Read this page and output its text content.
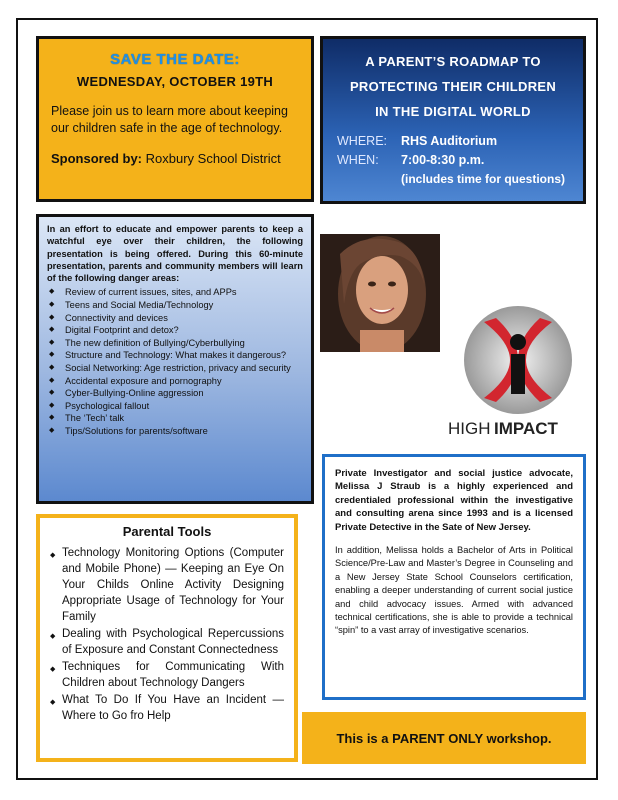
SAVE THE DATE:
WEDNESDAY, OCTOBER 19TH
Please join us to learn more about keeping our children safe in the age of technology.
Sponsored by: Roxbury School District
A PARENT’S ROADMAP TO
PROTECTING THEIR CHILDREN
IN THE DIGITAL WORLD
WHERE: RHS Auditorium
WHEN: 7:00-8:30 p.m.
(includes time for questions)
In an effort to educate and empower parents to keep a watchful eye over their children, the following presentation is being offered. During this 60-minute presentation, parents and community members will learn of the following danger areas:
◆ Review of current issues, sites, and APPs
◆ Teens and Social Media/Technology
◆ Connectivity and devices
◆ Digital Footprint and detox?
◆ The new definition of Bullying/Cyberbullying
◆ Structure and Technology: What makes it dangerous?
◆ Social Networking: Age restriction, privacy and security
◆ Accidental exposure and pornography
◆ Cyber-Bullying-Online aggression
◆ Psychological fallout
◆ The ‘Tech’ talk
◆ Tips/Solutions for parents/software	HIGH IMPACT
Private Investigator and social justice advocate, Melissa J Straub is a highly experienced and credentialed professional within the investigative and consulting arena since 1993 and is a licensed Private Detective in the Sate of New Jersey.
In addition, Melissa holds a Bachelor of Arts in Political Science/Pre-Law and Master’s Degree in Counseling and a New Jersey State School Counselors certification, enabling a deeper understanding of current social justice and child advocacy issues. Armed with advanced technical certifications, she is able to provide a technical “spin” to a vast array of investigative scenarios.
Parental Tools
◆ Technology Monitoring Options (Computer and Mobile Phone) — Keeping an Eye On Your Childs Online Activity Designing Appropriate Usage of Technology for Your Family
◆ Dealing with Psychological Repercussions of Exposure and Constant Connectedness
◆ Techniques for Communicating With Children about Technology Dangers
◆ What To Do If You Have an Incident — Where to Go fro Help
This is a PARENT ONLY workshop.
